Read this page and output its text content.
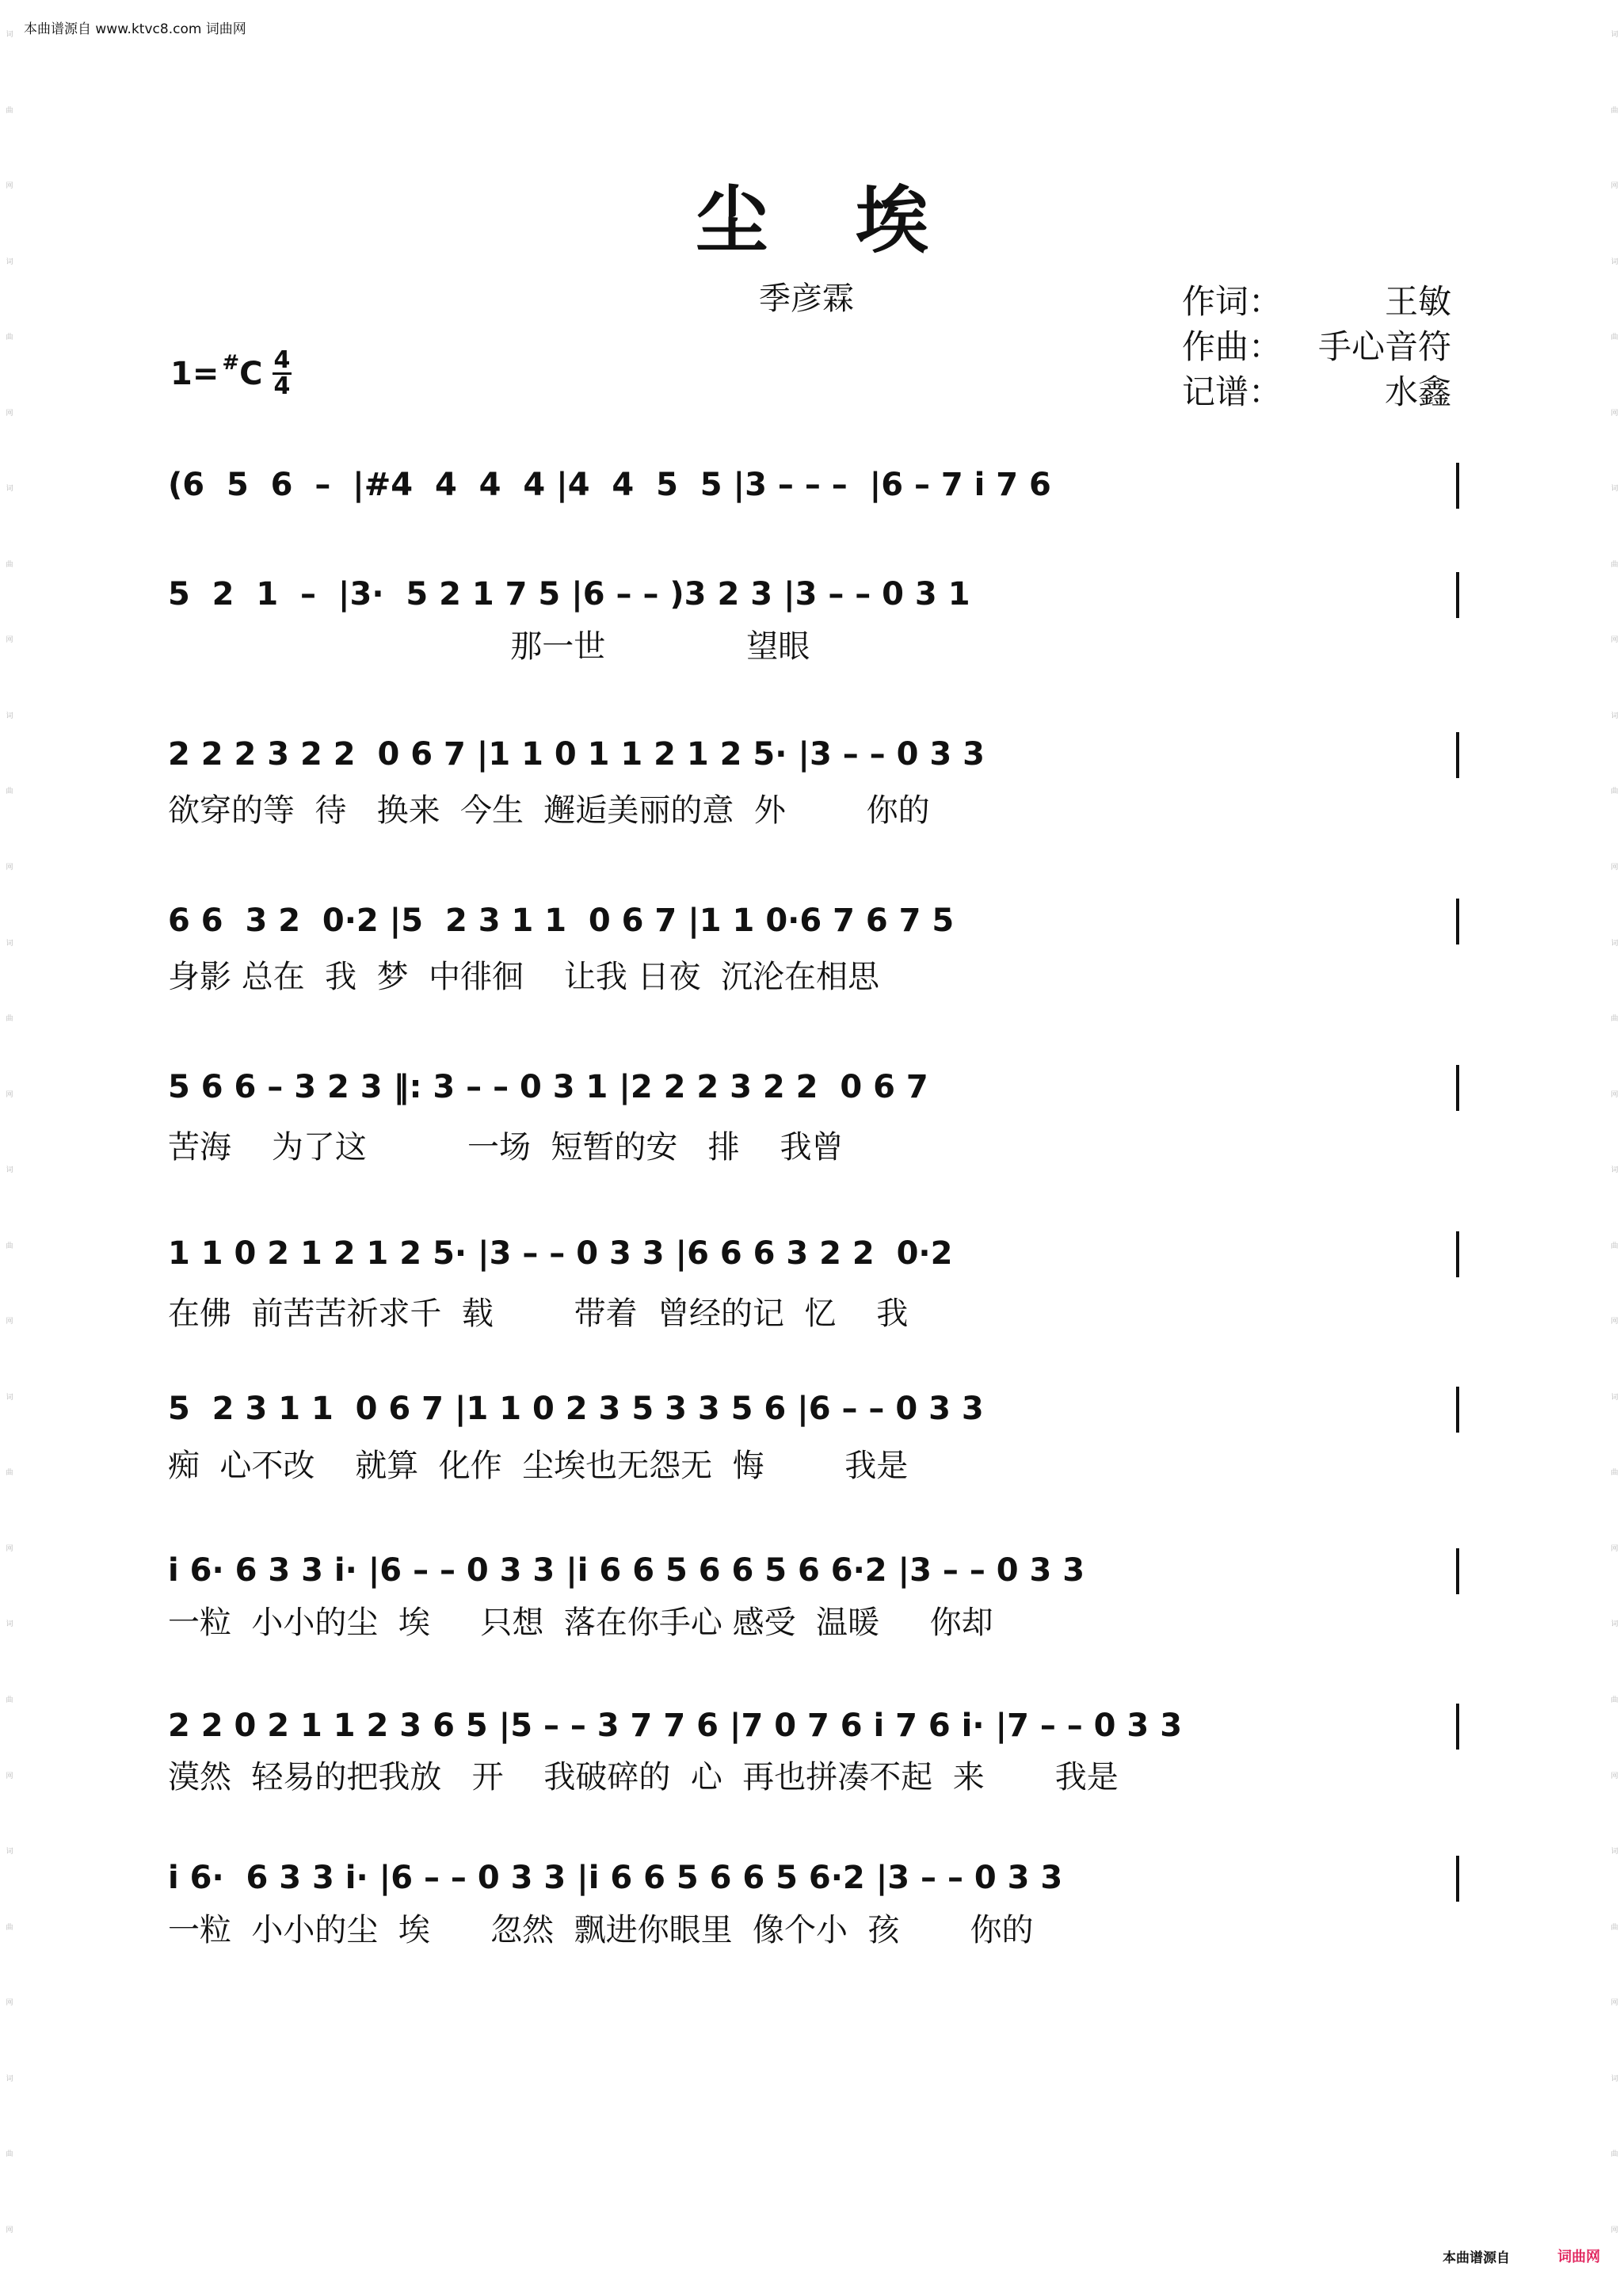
本曲谱源自 www.ktvc8.com 词曲网
词
曲
网
词
曲
网
词
曲
网
词
曲
网
词
曲
网
词
曲
网
词
曲
网
词
曲
网
词
曲
网
词
曲
网
词
曲
网
词
曲
网
词
曲
网
词
曲
网
词
曲
网
词
曲
网
词
曲
网
词
曲
网
词
曲
网
词
曲
网
尘埃
季彦霖	作词：	王敏
作曲： 手心音符
记谱：	水鑫
1= # C $\frac{4}{4}$
(6  5  6  –  |#4  4  4  4 |4  4  5  5 |3 – – –  |6 – 7 i 7 6
5  2  1  –  |3·  5 2 1 7 5 |6 – – )3 2 3 |3 – – 0 3 1
那一世              望眼
2 2 2 3 2 2  0 6 7 |1 1 0 1 1 2 1 2 5· |3 – – 0 3 3
欲穿的等  待   换来  今生  邂逅美丽的意  外        你的
6 6  3 2  0·2 |5  2 3 1 1  0 6 7 |1 1 0·6 7 6 7 5
身影 总在  我  梦  中徘徊    让我 日夜  沉沦在相思
5 6 6 – 3 2 3 ‖: 3 – – 0 3 1 |2 2 2 3 2 2  0 6 7
苦海    为了这          一场  短暂的安   排    我曾
1 1 0 2 1 2 1 2 5· |3 – – 0 3 3 |6 6 6 3 2 2  0·2
在佛  前苦苦祈求千  载        带着  曾经的记  忆    我
5  2 3 1 1  0 6 7 |1 1 0 2 3 5 3 3 5 6 |6 – – 0 3 3
痴  心不改    就算  化作  尘埃也无怨无  悔        我是
i 6· 6 3 3 i· |6 – – 0 3 3 |i 6 6 5 6 6 5 6 6·2 |3 – – 0 3 3
一粒  小小的尘  埃     只想  落在你手心 感受  温暖     你却
2 2 0 2 1 1 2 3 6 5 |5 – – 3 7 7 6 |7 0 7 6 i 7 6 i· |7 – – 0 3 3
漠然  轻易的把我放   开    我破碎的  心  再也拼凑不起  来       我是
i 6·  6 3 3 i· |6 – – 0 3 3 |i 6 6 5 6 6 5 6·2 |3 – – 0 3 3
一粒  小小的尘  埃      忽然  飘进你眼里  像个小  孩       你的
本曲谱源自	词曲网
